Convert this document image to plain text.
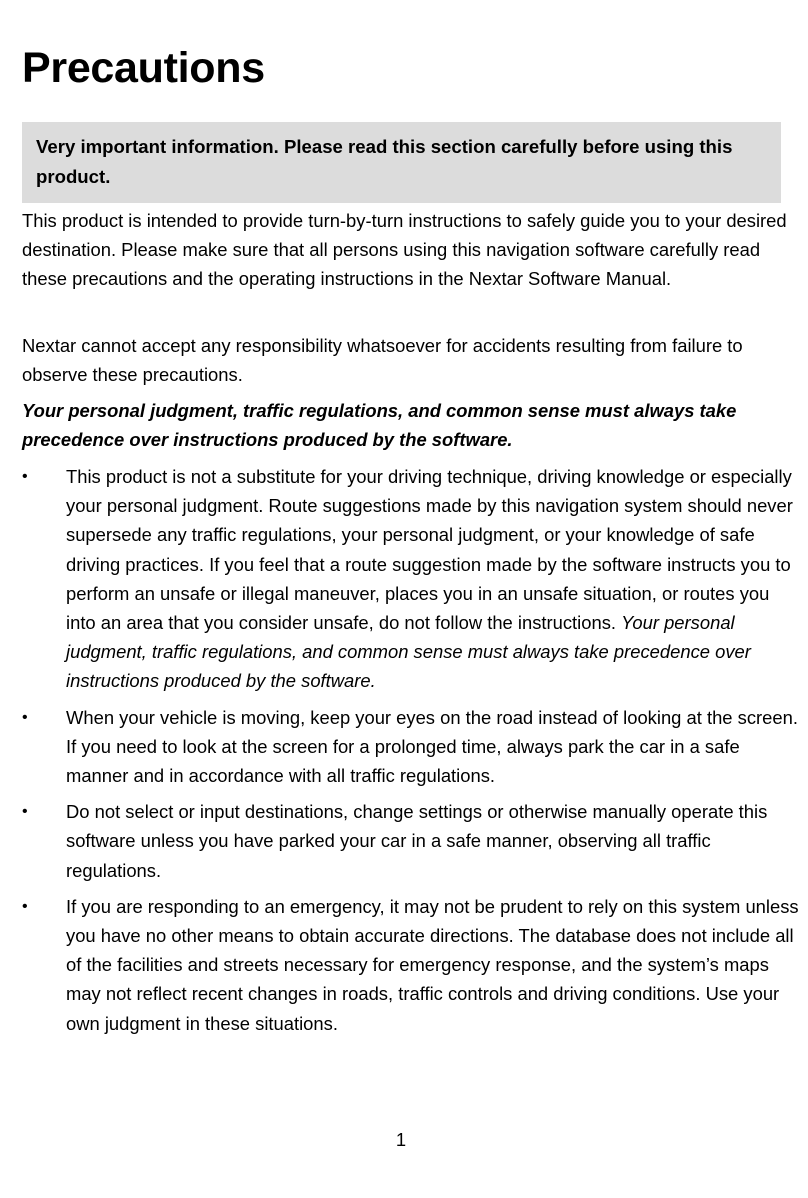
Precautions
Very important information. Please read this section carefully before using this product.

This product is intended to provide turn-by-turn instructions to safely guide you to your desired destination. Please make sure that all persons using this navigation software carefully read these precautions and the operating instructions in the Nextar Software Manual.

Nextar cannot accept any responsibility whatsoever for accidents resulting from failure to observe these precautions.

Your personal judgment, traffic regulations, and common sense must always take precedence over instructions produced by the software.

• This product is not a substitute for your driving technique, driving knowledge or especially your personal judgment. Route suggestions made by this navigation system should never supersede any traffic regulations, your personal judgment, or your knowledge of safe driving practices. If you feel that a route suggestion made by the software instructs you to perform an unsafe or illegal maneuver, places you in an unsafe situation, or routes you into an area that you consider unsafe, do not follow the instructions. Your personal judgment, traffic regulations, and common sense must always take precedence over instructions produced by the software.
• When your vehicle is moving, keep your eyes on the road instead of looking at the screen. If you need to look at the screen for a prolonged time, always park the car in a safe manner and in accordance with all traffic regulations.
• Do not select or input destinations, change settings or otherwise manually operate this software unless you have parked your car in a safe manner, observing all traffic regulations.
• If you are responding to an emergency, it may not be prudent to rely on this system unless you have no other means to obtain accurate directions. The database does not include all of the facilities and streets necessary for emergency response, and the system’s maps may not reflect recent changes in roads, traffic controls and driving conditions. Use your own judgment in these situations.
1
